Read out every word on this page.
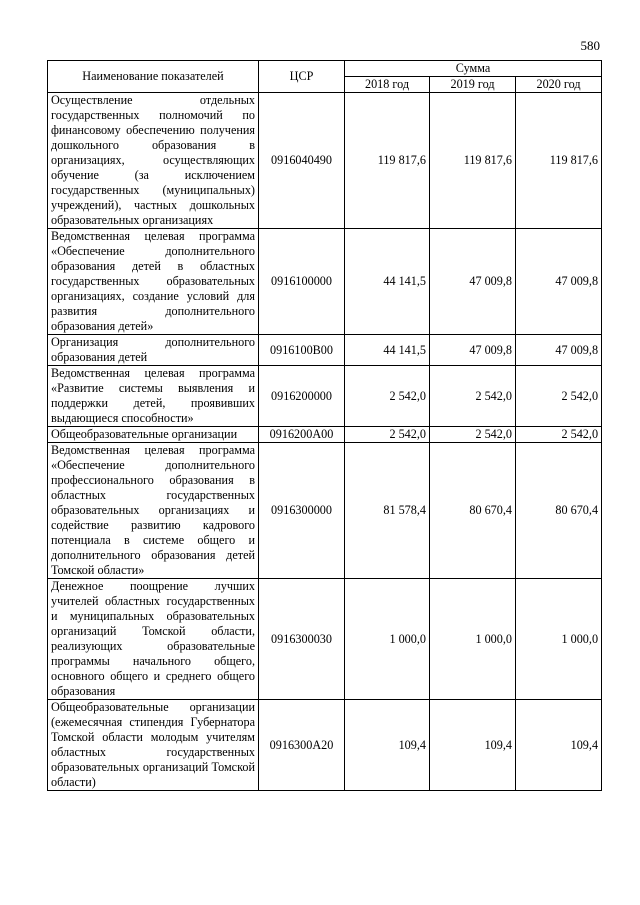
580
Наименование показателей	ЦСР	Сумма		
		2018 год	2019 год	2020 год
Осуществление отдельных государственных полномочий по финансовому обеспечению получения дошкольного образования в организациях, осуществляющих обучение (за исключением государственных (муниципальных) учреждений), частных дошкольных образовательных организациях	0916040490	119 817,6	119 817,6	119 817,6
Ведомственная целевая программа «Обеспечение дополнительного образования детей в областных государственных образовательных организациях, создание условий для развития дополнительного образования детей»	0916100000	44 141,5	47 009,8	47 009,8
Организация дополнительного образования детей	0916100В00	44 141,5	47 009,8	47 009,8
Ведомственная целевая программа «Развитие системы выявления и поддержки детей, проявивших выдающиеся способности»	0916200000	2 542,0	2 542,0	2 542,0
Общеобразовательные организации	0916200А00	2 542,0	2 542,0	2 542,0
Ведомственная целевая программа «Обеспечение дополнительного профессионального образования в областных государственных образовательных организациях и содействие развитию кадрового потенциала в системе общего и дополнительного образования детей Томской области»	0916300000	81 578,4	80 670,4	80 670,4
Денежное поощрение лучших учителей областных государственных и муниципальных образовательных организаций Томской области, реализующих образовательные программы начального общего, основного общего и среднего общего образования	0916300030	1 000,0	1 000,0	1 000,0
Общеобразовательные организации (ежемесячная стипендия Губернатора Томской области молодым учителям областных государственных образовательных организаций Томской области)	0916300А20	109,4	109,4	109,4
